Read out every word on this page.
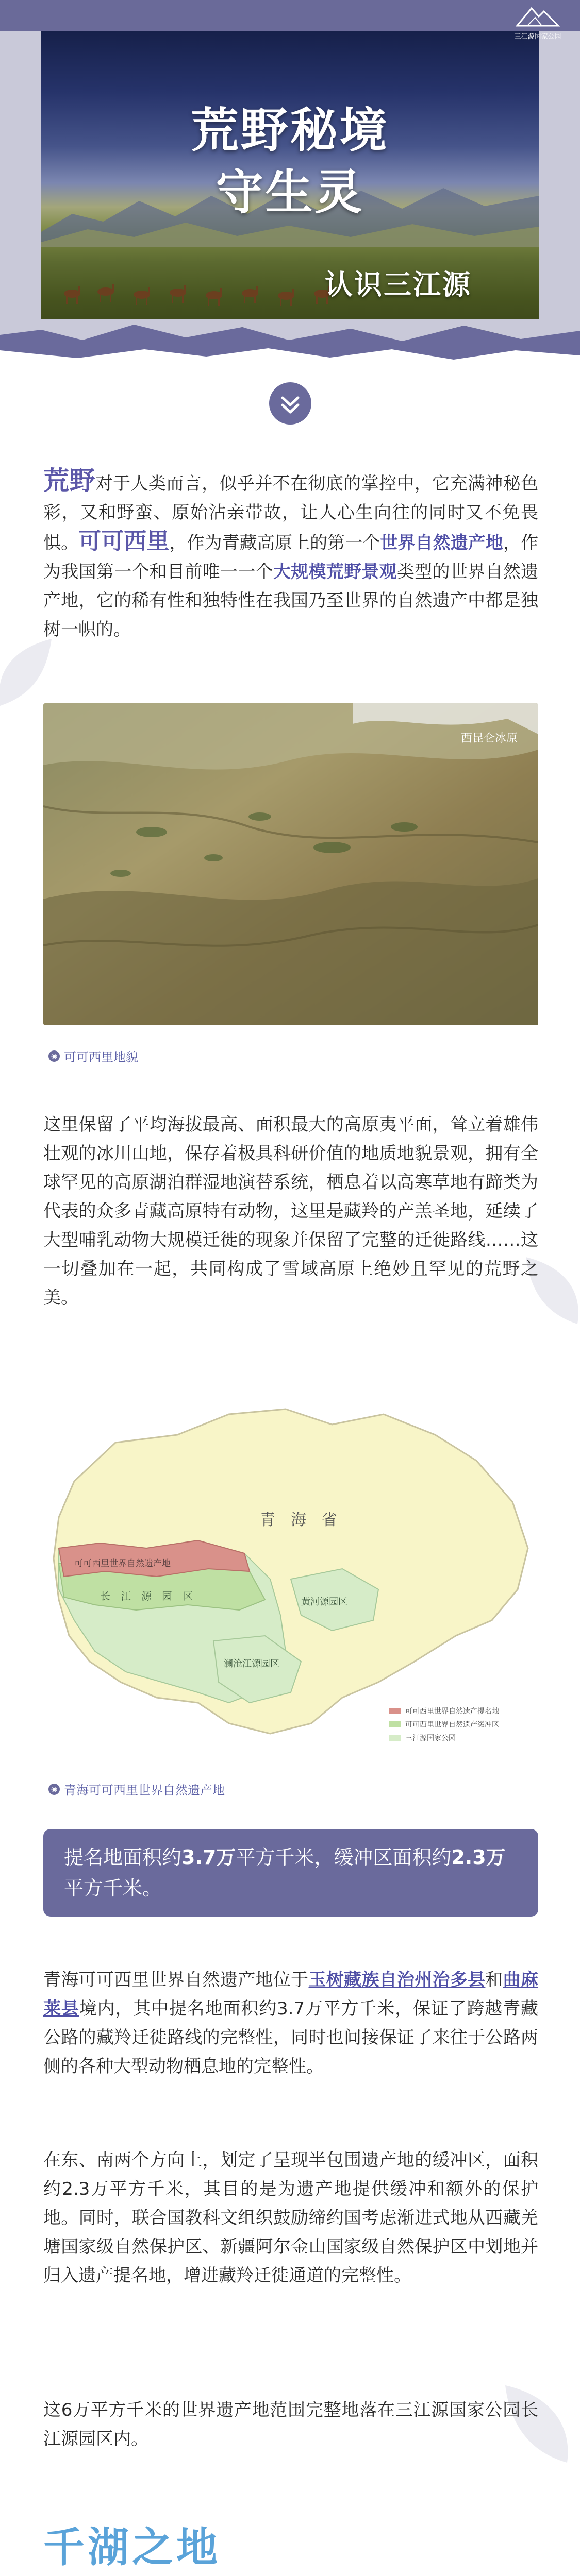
三江源国家公园
荒野秘境
守生灵
认识三江源

荒野对于人类而言，似乎并不在彻底的掌控中，它充满神秘色彩，又和野蛮、原始沾亲带故，让人心生向往的同时又不免畏惧。可可西里，作为青藏高原上的第一个世界自然遗产地，作为我国第一个和目前唯一一个大规模荒野景观类型的世界自然遗产地，它的稀有性和独特性在我国乃至世界的自然遗产中都是独树一帜的。

西昆仑冰原
◉ 可可西里地貌

这里保留了平均海拔最高、面积最大的高原夷平面，耸立着雄伟壮观的冰川山地，保存着极具科研价值的地质地貌景观，拥有全球罕见的高原湖泊群湿地演替系统，栖息着以高寒草地有蹄类为代表的众多青藏高原特有动物，这里是藏羚的产羔圣地，延续了大型哺乳动物大规模迁徙的现象并保留了完整的迁徙路线……这一切叠加在一起，共同构成了雪域高原上绝妙且罕见的荒野之美。

青　海　省
可可西里世界自然遗产地
长　江　源　园　区	黄河源园区
澜沧江源园区
可可西里世界自然遗产提名地
可可西里世界自然遗产缓冲区
三江源国家公园
◉ 青海可可西里世界自然遗产地
提名地面积约3.7万平方千米，缓冲区面积约2.3万平方千米。

青海可可西里世界自然遗产地位于玉树藏族自治州治多县和曲麻莱县境内，其中提名地面积约3.7万平方千米，保证了跨越青藏公路的藏羚迁徙路线的完整性，同时也间接保证了来往于公路两侧的各种大型动物栖息地的完整性。

在东、南两个方向上，划定了呈现半包围遗产地的缓冲区，面积约2.3万平方千米，其目的是为遗产地提供缓冲和额外的保护地。同时，联合国教科文组织鼓励缔约国考虑渐进式地从西藏羌塘国家级自然保护区、新疆阿尔金山国家级自然保护区中划地并归入遗产提名地，增进藏羚迁徙通道的完整性。

这6万平方千米的世界遗产地范围完整地落在三江源国家公园长江源园区内。

千湖之地
